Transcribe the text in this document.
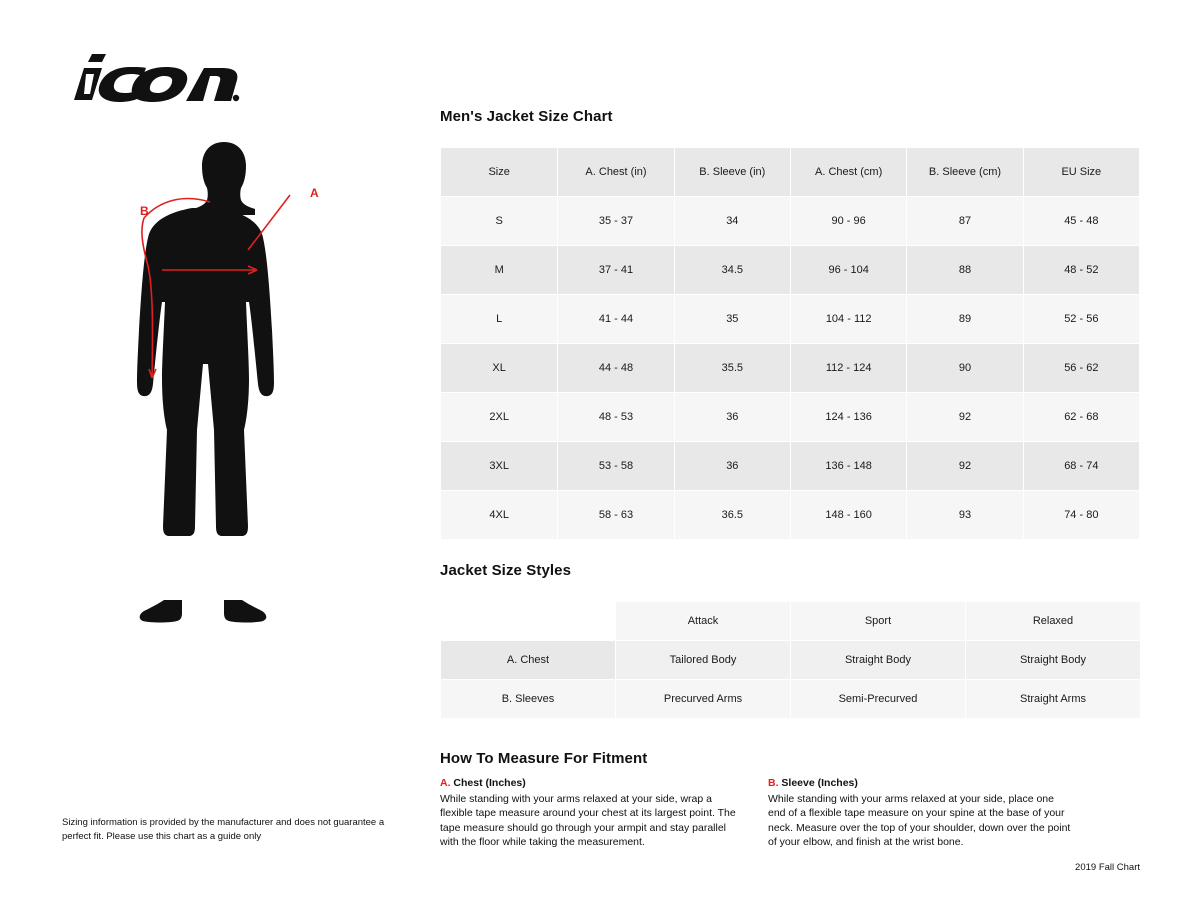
A
B
Sizing information is provided by the manufacturer and does not guarantee a perfect fit. Please use this chart as a guide only
Men's Jacket Size Chart
Size	A. Chest (in)	B. Sleeve (in)	A. Chest (cm)	B. Sleeve (cm)	EU Size
S	35 - 37	34	90 - 96	87	45 - 48
M	37 - 41	34.5	96 - 104	88	48 - 52
L	41 - 44	35	104 - 112	89	52 - 56
XL	44 - 48	35.5	112 - 124	90	56 - 62
2XL	48 - 53	36	124 - 136	92	62 - 68
3XL	53 - 58	36	136 - 148	92	68 - 74
4XL	58 - 63	36.5	148 - 160	93	74 - 80
Jacket Size Styles
	Attack	Sport	Relaxed
A. Chest	Tailored Body	Straight Body	Straight Body
B. Sleeves	Precurved Arms	Semi-Precurved	Straight Arms
How To Measure For Fitment
A. Chest (Inches)
While standing with your arms relaxed at your side, wrap a flexible tape measure around your chest at its largest point. The tape measure should go through your armpit and stay parallel with the floor while taking the measurement.
B. Sleeve (Inches)
While standing with your arms relaxed at your side, place one end of a flexible tape measure on your spine at the base of your neck. Measure over the top of your shoulder, down over the point of your elbow, and finish at the wrist bone.
2019 Fall Chart
